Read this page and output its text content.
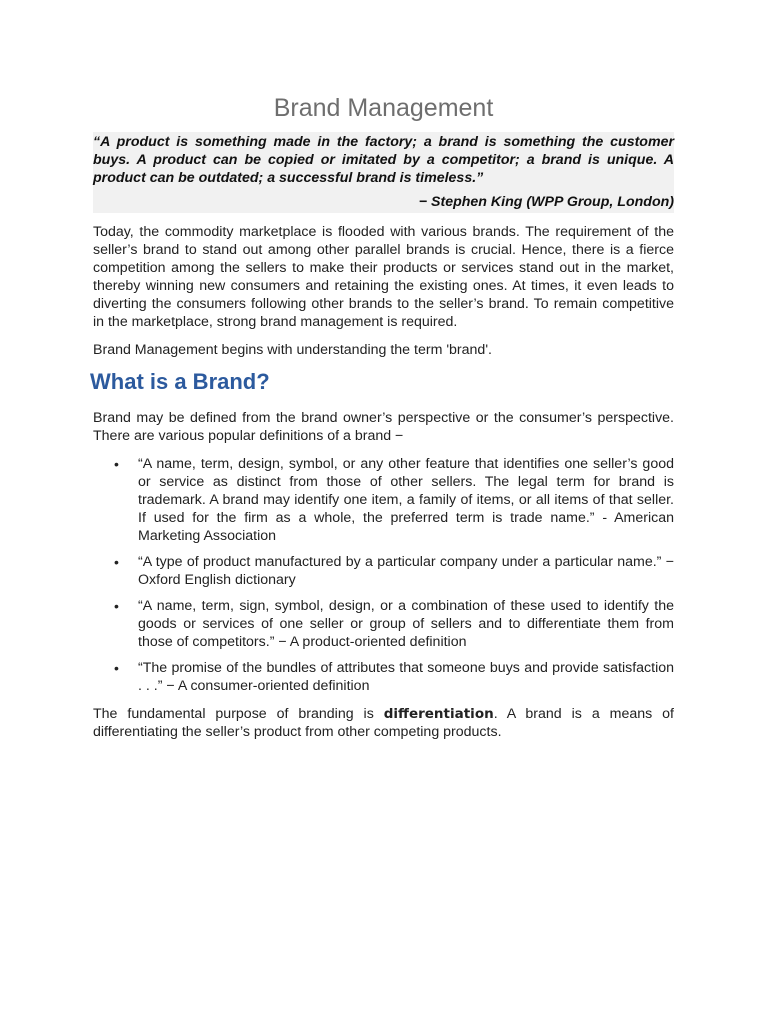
Brand Management

“A product is something made in the factory; a brand is something the customer buys. A product can be copied or imitated by a competitor; a brand is unique. A product can be outdated; a successful brand is timeless.”

− Stephen King (WPP Group, London)

Today, the commodity marketplace is flooded with various brands. The requirement of the seller’s brand to stand out among other parallel brands is crucial. Hence, there is a fierce competition among the sellers to make their products or services stand out in the market, thereby winning new consumers and retaining the existing ones. At times, it even leads to diverting the consumers following other brands to the seller’s brand. To remain competitive in the marketplace, strong brand management is required.

Brand Management begins with understanding the term 'brand'.

What is a Brand?

Brand may be defined from the brand owner’s perspective or the consumer’s perspective. There are various popular definitions of a brand −

• “A name, term, design, symbol, or any other feature that identifies one seller’s good or service as distinct from those of other sellers. The legal term for brand is trademark. A brand may identify one item, a family of items, or all items of that seller. If used for the firm as a whole, the preferred term is trade name.” - American Marketing Association
• “A type of product manufactured by a particular company under a particular name.” − Oxford English dictionary
• “A name, term, sign, symbol, design, or a combination of these used to identify the goods or services of one seller or group of sellers and to differentiate them from those of competitors.” − A product-oriented definition
• “The promise of the bundles of attributes that someone buys and provide satisfaction . . .” − A consumer-oriented definition

The fundamental purpose of branding is differentiation. A brand is a means of differentiating the seller’s product from other competing products.
